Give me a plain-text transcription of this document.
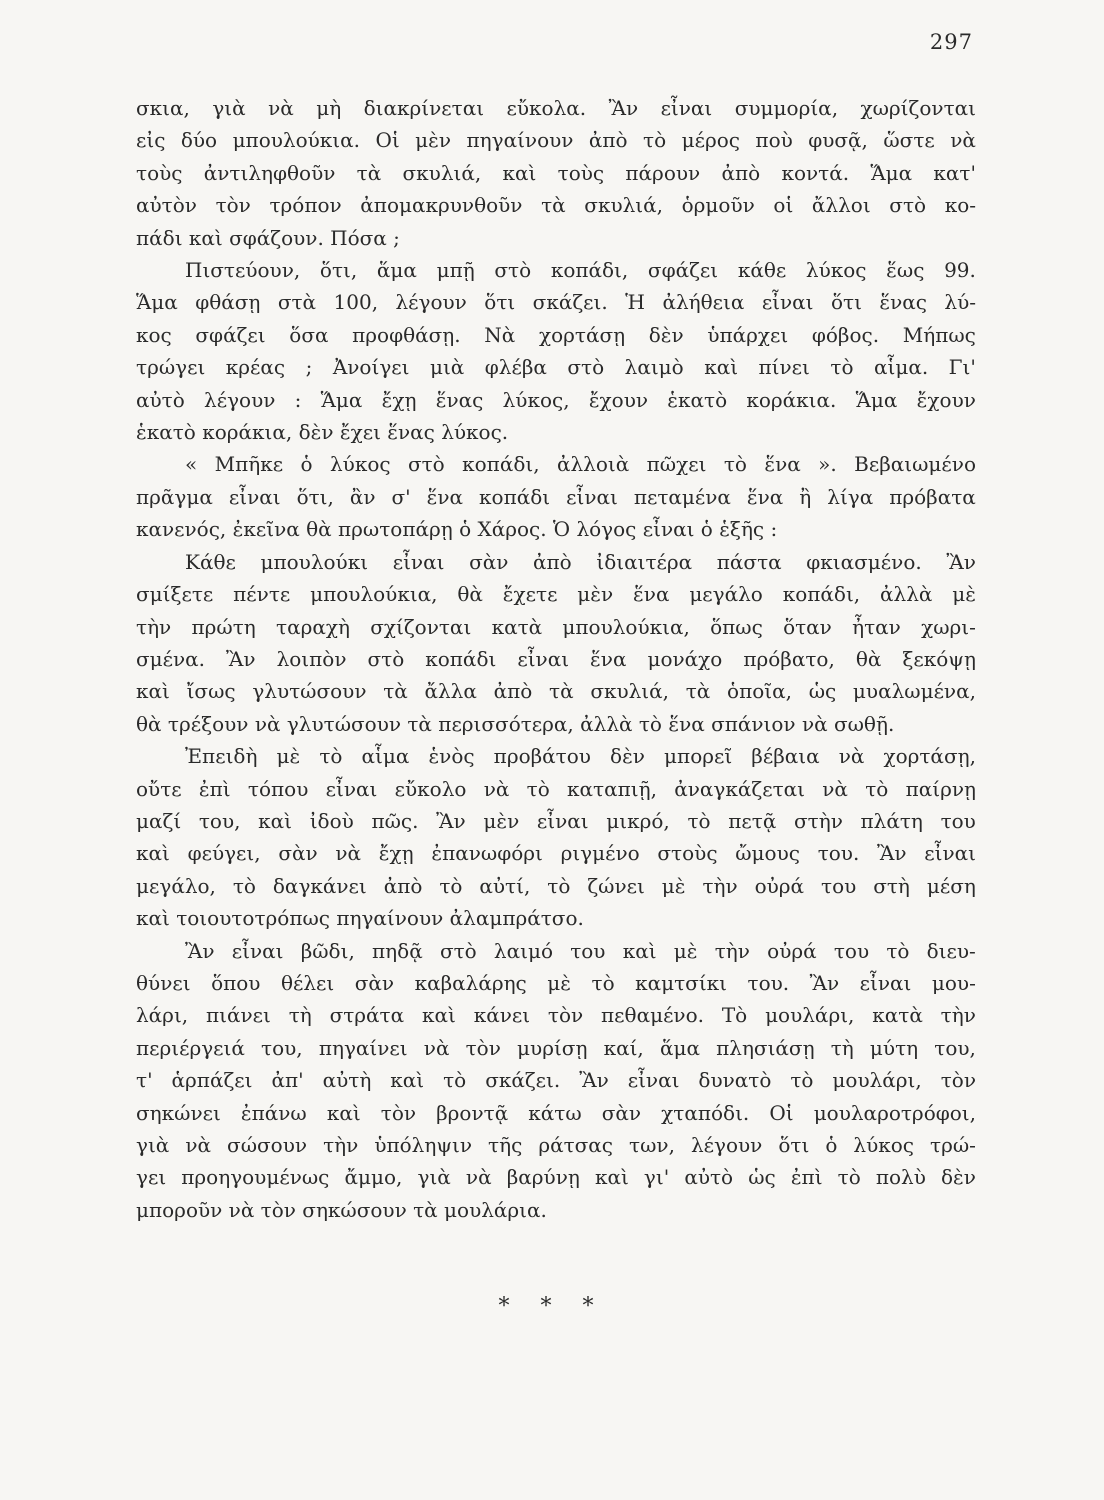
297
σκια, γιὰ νὰ μὴ διακρίνεται εὔκολα. Ἂν εἶναι συμμορία, χωρίζονται
εἰς δύο μπουλούκια. Οἱ μὲν πηγαίνουν ἀπὸ τὸ μέρος ποὺ φυσᾷ, ὥστε νὰ
τοὺς ἀντιληφθοῦν τὰ σκυλιά, καὶ τοὺς πάρουν ἀπὸ κοντά. Ἅμα κατ'
αὐτὸν τὸν τρόπον ἀπομακρυνθοῦν τὰ σκυλιά, ὁρμοῦν οἱ ἄλλοι στὸ κο-
πάδι καὶ σφάζουν. Πόσα ;
Πιστεύουν, ὅτι, ἅμα μπῇ στὸ κοπάδι, σφάζει κάθε λύκος ἕως 99.
Ἅμα φθάσῃ στὰ 100, λέγουν ὅτι σκάζει. Ἡ ἀλήθεια εἶναι ὅτι ἕνας λύ-
κος σφάζει ὅσα προφθάσῃ. Νὰ χορτάσῃ δὲν ὑπάρχει φόβος. Μήπως
τρώγει κρέας ; Ἀνοίγει μιὰ φλέβα στὸ λαιμὸ καὶ πίνει τὸ αἷμα. Γι'
αὐτὸ λέγουν : Ἅμα ἔχῃ ἕνας λύκος, ἔχουν ἑκατὸ κοράκια. Ἅμα ἔχουν
ἑκατὸ κοράκια, δὲν ἔχει ἕνας λύκος.
« Μπῆκε ὁ λύκος στὸ κοπάδι, ἀλλοιὰ πῶχει τὸ ἕνα ». Βεβαιωμένο
πρᾶγμα εἶναι ὅτι, ἂν σ' ἕνα κοπάδι εἶναι πεταμένα ἕνα ἢ λίγα πρόβατα
κανενός, ἐκεῖνα θὰ πρωτοπάρῃ ὁ Χάρος. Ὁ λόγος εἶναι ὁ ἑξῆς :
Κάθε μπουλούκι εἶναι σὰν ἀπὸ ἰδιαιτέρα πάστα φκιασμένο. Ἂν
σμίξετε πέντε μπουλούκια, θὰ ἔχετε μὲν ἕνα μεγάλο κοπάδι, ἀλλὰ μὲ
τὴν πρώτη ταραχὴ σχίζονται κατὰ μπουλούκια, ὅπως ὅταν ἦταν χωρι-
σμένα. Ἂν λοιπὸν στὸ κοπάδι εἶναι ἕνα μονάχο πρόβατο, θὰ ξεκόψῃ
καὶ ἴσως γλυτώσουν τὰ ἄλλα ἀπὸ τὰ σκυλιά, τὰ ὁποῖα, ὡς μυαλωμένα,
θὰ τρέξουν νὰ γλυτώσουν τὰ περισσότερα, ἀλλὰ τὸ ἕνα σπάνιον νὰ σωθῇ.
Ἐπειδὴ μὲ τὸ αἷμα ἑνὸς προβάτου δὲν μπορεῖ βέβαια νὰ χορτάσῃ,
οὔτε ἐπὶ τόπου εἶναι εὔκολο νὰ τὸ καταπιῇ, ἀναγκάζεται νὰ τὸ παίρνῃ
μαζί του, καὶ ἰδοὺ πῶς. Ἂν μὲν εἶναι μικρό, τὸ πετᾷ στὴν πλάτη του
καὶ φεύγει, σὰν νὰ ἔχῃ ἐπανωφόρι ριγμένο στοὺς ὤμους του. Ἂν εἶναι
μεγάλο, τὸ δαγκάνει ἀπὸ τὸ αὐτί, τὸ ζώνει μὲ τὴν οὐρά του στὴ μέση
καὶ τοιουτοτρόπως πηγαίνουν ἀλαμπράτσο.
Ἂν εἶναι βῶδι, πηδᾷ στὸ λαιμό του καὶ μὲ τὴν οὐρά του τὸ διευ-
θύνει ὅπου θέλει σὰν καβαλάρης μὲ τὸ καμτσίκι του. Ἂν εἶναι μου-
λάρι, πιάνει τὴ στράτα καὶ κάνει τὸν πεθαμένο. Τὸ μουλάρι, κατὰ τὴν
περιέργειά του, πηγαίνει νὰ τὸν μυρίσῃ καί, ἅμα πλησιάσῃ τὴ μύτη του,
τ' ἁρπάζει ἀπ' αὐτὴ καὶ τὸ σκάζει. Ἂν εἶναι δυνατὸ τὸ μουλάρι, τὸν
σηκώνει ἐπάνω καὶ τὸν βροντᾷ κάτω σὰν χταπόδι. Οἱ μουλαροτρόφοι,
γιὰ νὰ σώσουν τὴν ὑπόληψιν τῆς ράτσας των, λέγουν ὅτι ὁ λύκος τρώ-
γει προηγουμένως ἄμμο, γιὰ νὰ βαρύνῃ καὶ γι' αὐτὸ ὡς ἐπὶ τὸ πολὺ δὲν
μποροῦν νὰ τὸν σηκώσουν τὰ μουλάρια.
* * *
